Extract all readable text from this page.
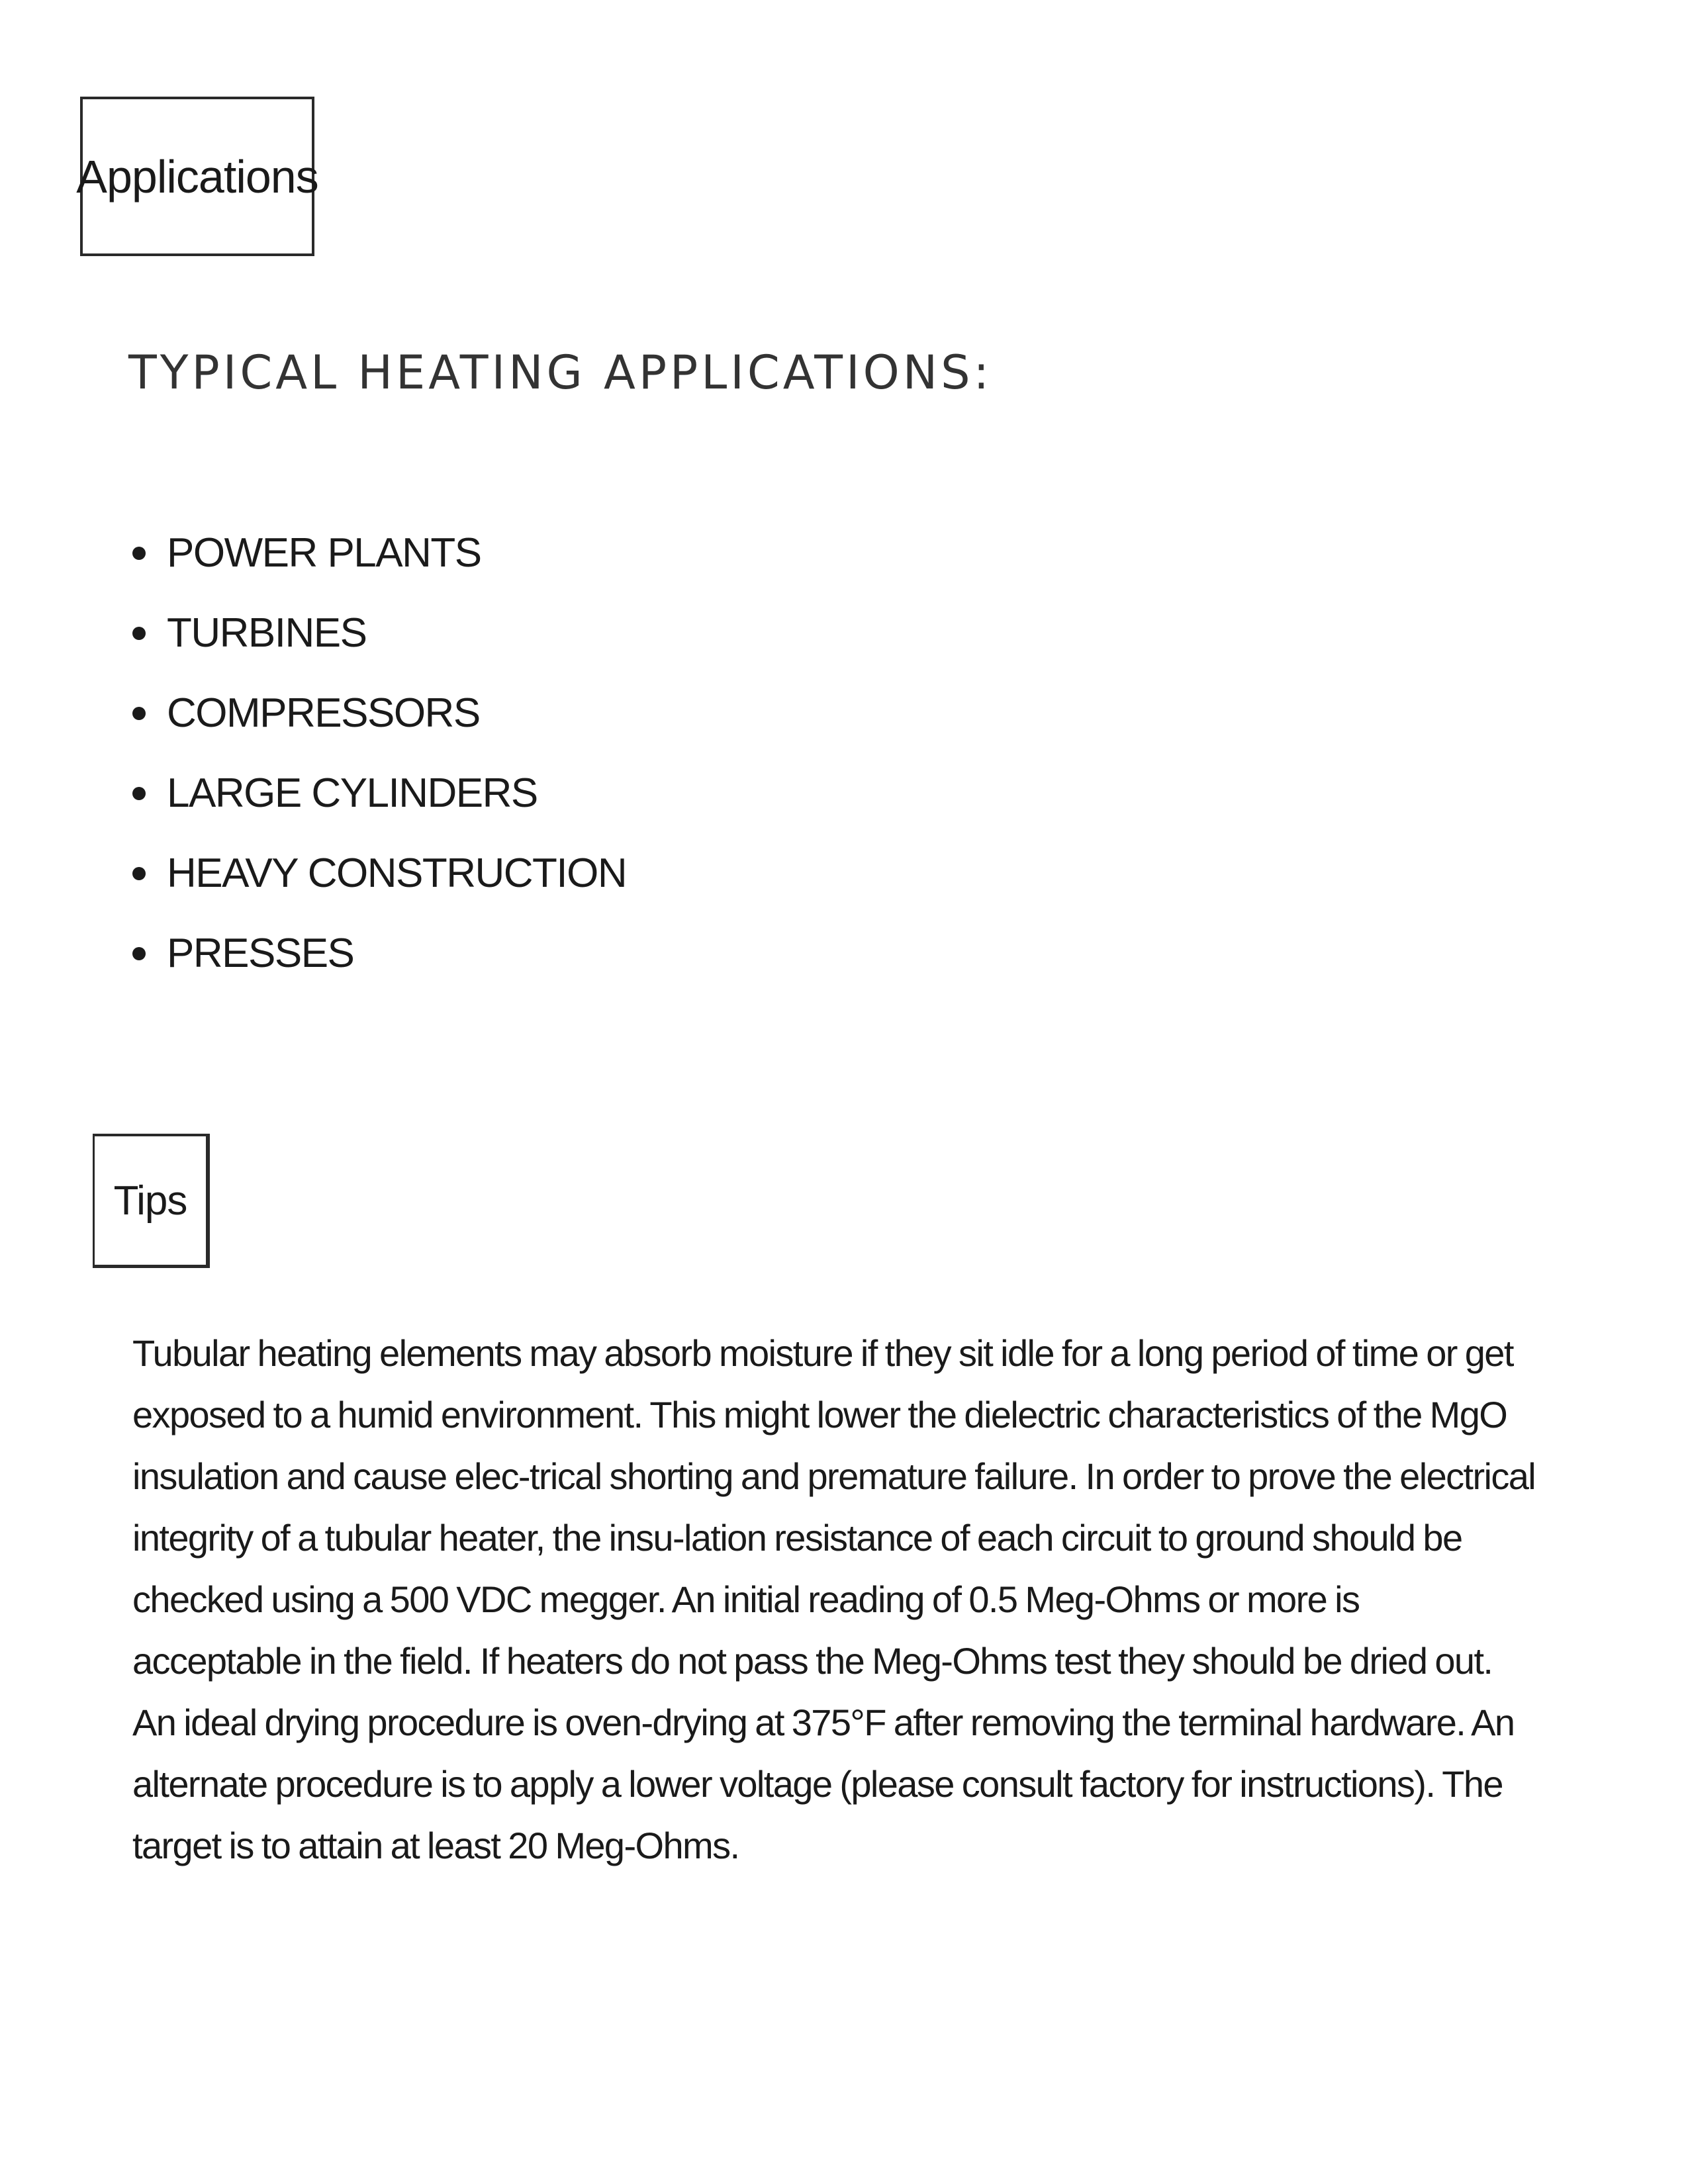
Applications
TYPICAL HEATING APPLICATIONS:
POWER PLANTS
TURBINES
COMPRESSORS
LARGE CYLINDERS
HEAVY CONSTRUCTION
PRESSES
Tips

Tubular heating elements may absorb moisture if they sit idle for a long period of time or get exposed to a humid environment. This might lower the dielectric characteristics of the MgO insulation and cause elec-trical shorting and premature failure. In order to prove the electrical integrity of a tubular heater, the insu-lation resistance of each circuit to ground should be checked using a 500 VDC megger. An initial reading of 0.5 Meg-Ohms or more is acceptable in the field. If heaters do not pass the Meg-Ohms test they should be dried out. An ideal drying procedure is oven-drying at 375°F after removing the terminal hardware. An alternate procedure is to apply a lower voltage (please consult factory for instructions). The target is to attain at least 20 Meg-Ohms.
